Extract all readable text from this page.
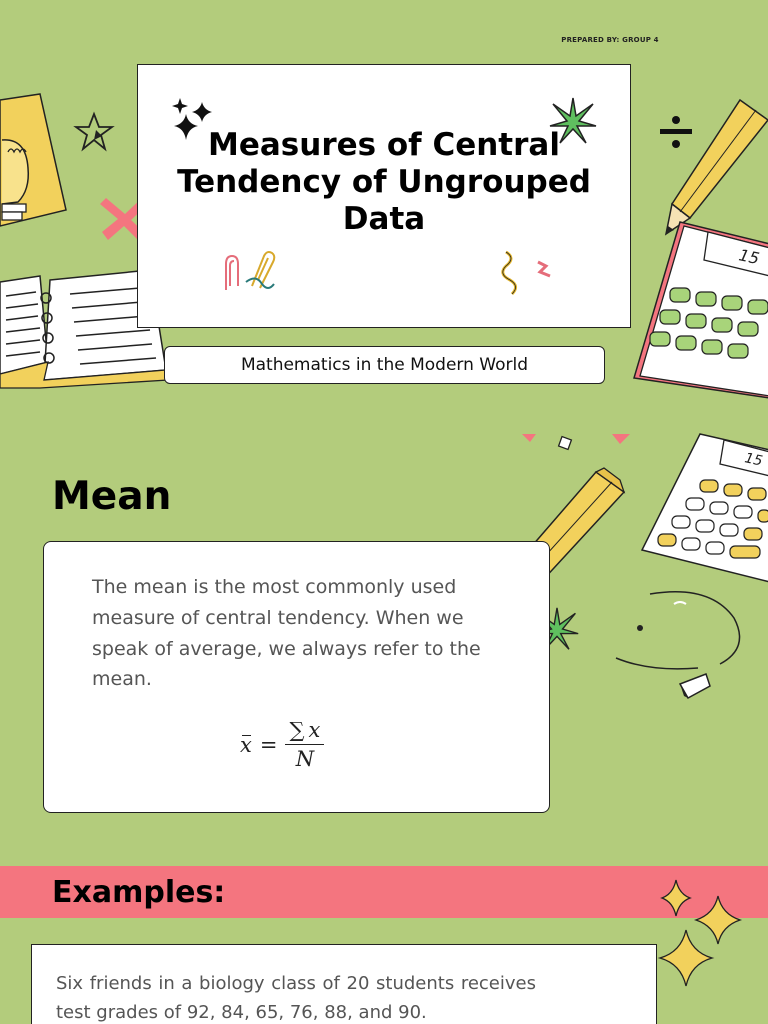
PREPARED BY: GROUP 4
Measures of Central Tendency of Ungrouped Data
15
Mathematics in the Modern World
Mean
15
The mean is the most commonly used measure of central tendency. When we speak of average, we always refer to the mean.
$x = \frac{\sum x}{N}$
Examples:
Six friends in a biology class of 20 students receives test grades of 92, 84, 65, 76, 88, and 90.
